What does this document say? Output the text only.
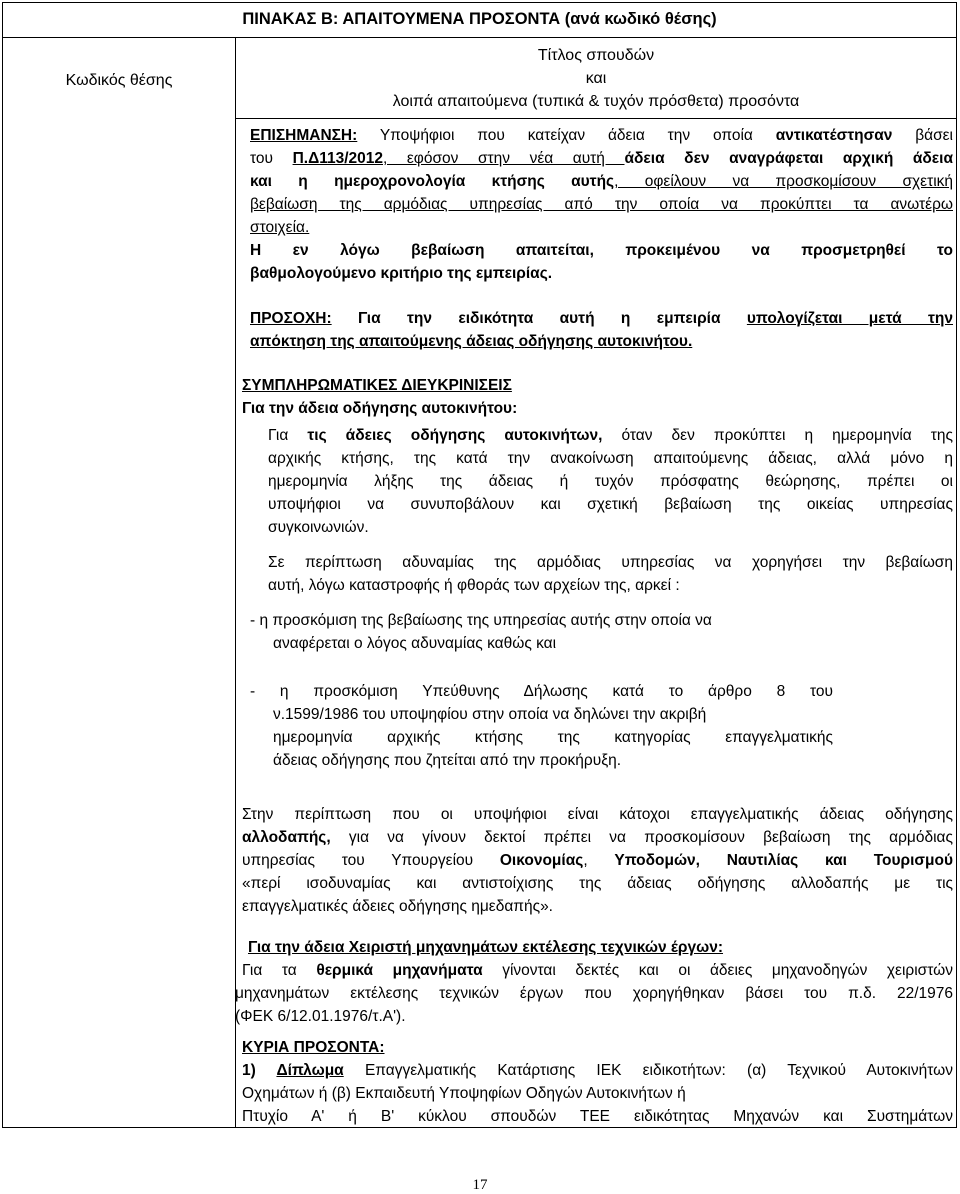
ΠΙΝΑΚΑΣ Β: ΑΠΑΙΤΟΥΜΕΝΑ ΠΡΟΣΟΝΤΑ (ανά κωδικό θέσης)
Κωδικός θέσης
Τίτλος σπουδών
και
λοιπά απαιτούμενα (τυπικά & τυχόν πρόσθετα) προσόντα
ΕΠΙΣΗΜΑΝΣΗ: Υποψήφιοι που κατείχαν άδεια την οποία αντικατέστησαν βάσει
του Π.Δ113/2012, εφόσον στην νέα αυτή άδεια δεν αναγράφεται αρχική άδεια
και η ημεροχρονολογία κτήσης αυτής, οφείλουν να προσκομίσουν σχετική
βεβαίωση της αρμόδιας υπηρεσίας από την οποία να προκύπτει τα ανωτέρω
στοιχεία.
Η εν λόγω βεβαίωση απαιτείται, προκειμένου να προσμετρηθεί το
βαθμολογούμενο κριτήριο της εμπειρίας.
ΠΡΟΣΟΧΗ: Για την ειδικότητα αυτή η εμπειρία υπολογίζεται μετά την
απόκτηση της απαιτούμενης άδειας οδήγησης αυτοκινήτου.
ΣΥΜΠΛΗΡΩΜΑΤΙΚΕΣ ΔΙΕΥΚΡΙΝΙΣΕΙΣ
Για την άδεια οδήγησης αυτοκινήτου:
Για τις άδειες οδήγησης αυτοκινήτων, όταν δεν προκύπτει η ημερομηνία της
αρχικής κτήσης, της κατά την ανακοίνωση απαιτούμενης άδειας, αλλά μόνο η
ημερομηνία λήξης της άδειας ή τυχόν πρόσφατης θεώρησης, πρέπει οι
υποψήφιοι να συνυποβάλουν και σχετική βεβαίωση της οικείας υπηρεσίας
συγκοινωνιών.
Σε περίπτωση αδυναμίας της αρμόδιας υπηρεσίας να χορηγήσει την βεβαίωση
αυτή, λόγω καταστροφής ή φθοράς των αρχείων της, αρκεί :
- η προσκόμιση της βεβαίωσης της υπηρεσίας αυτής στην οποία να
αναφέρεται ο λόγος αδυναμίας καθώς και
- η προσκόμιση Υπεύθυνης Δήλωσης κατά το άρθρο 8 του
ν.1599/1986 του υποψηφίου στην οποία να δηλώνει την ακριβή
ημερομηνία αρχικής κτήσης της κατηγορίας επαγγελματικής
άδειας οδήγησης που ζητείται από την προκήρυξη.
Στην περίπτωση που οι υποψήφιοι είναι κάτοχοι επαγγελματικής άδειας οδήγησης
αλλοδαπής, για να γίνουν δεκτοί πρέπει να προσκομίσουν βεβαίωση της αρμόδιας
υπηρεσίας του Υπουργείου Οικονομίας, Υποδομών, Ναυτιλίας και Τουρισμού
«περί ισοδυναμίας και αντιστοίχισης της άδειας οδήγησης αλλοδαπής με τις
επαγγελματικές άδειες οδήγησης ημεδαπής».
Για την άδεια Χειριστή μηχανημάτων εκτέλεσης τεχνικών έργων:
Για τα θερμικά μηχανήματα γίνονται δεκτές και οι άδειες μηχανοδηγών χειριστών
μηχανημάτων εκτέλεσης τεχνικών έργων που χορηγήθηκαν βάσει του π.δ. 22/1976
(ΦΕΚ 6/12.01.1976/τ.Α').
ΚΥΡΙΑ ΠΡΟΣΟΝΤΑ:
1) Δίπλωμα Επαγγελματικής Κατάρτισης ΙΕΚ ειδικοτήτων: (α) Τεχνικού Αυτοκινήτων
Οχημάτων ή (β) Εκπαιδευτή Υποψηφίων Οδηγών Αυτοκινήτων ή
Πτυχίο Α' ή Β' κύκλου σπουδών ΤΕΕ ειδικότητας Μηχανών και Συστημάτων
17
